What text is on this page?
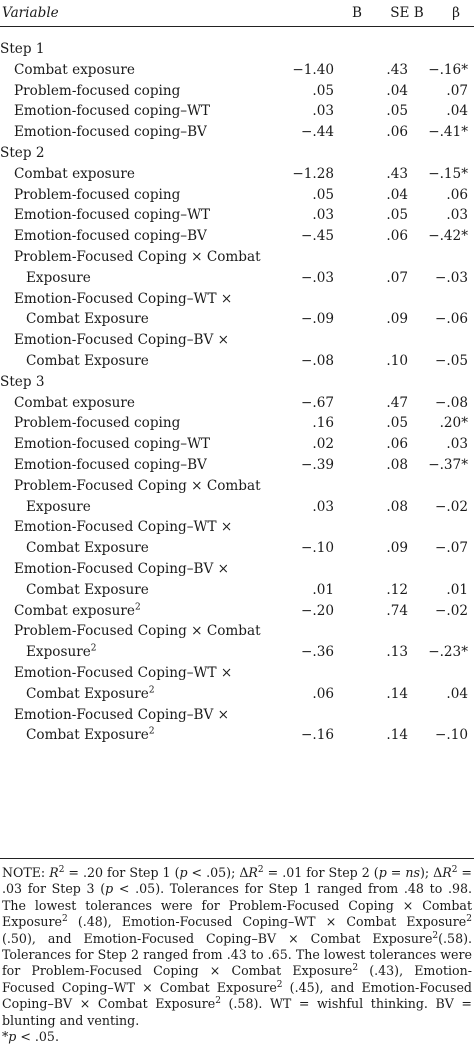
Variable	B	SE B	β
Step 1
Combat exposure	−1.40	.43 −.16*
Problem-focused coping	.05	.04	.07
Emotion-focused coping–WT	.03	.05	.04
Emotion-focused coping–BV	−.44	.06 −.41*
Step 2
Combat exposure	−1.28	.43 −.15*
Problem-focused coping	.05	.04	.06
Emotion-focused coping–WT	.03	.05	.03
Emotion-focused coping–BV	−.45	.06 −.42*
Problem-Focused Coping × Combat
Exposure	−.03	.07 −.03
Emotion-Focused Coping–WT ×
Combat Exposure	−.09	.09 −.06
Emotion-Focused Coping–BV ×
Combat Exposure	−.08	.10 −.05
Step 3
Combat exposure	−.67	.47 −.08
Problem-focused coping	.16	.05 .20*
Emotion-focused coping–WT	.02	.06	.03
Emotion-focused coping–BV	−.39	.08 −.37*
Problem-Focused Coping × Combat
Exposure	.03	.08 −.02
Emotion-Focused Coping–WT ×
Combat Exposure	−.10	.09 −.07
Emotion-Focused Coping–BV ×
Combat Exposure	.01	.12	.01
Combat exposure$^2$	−.20	.74 −.02
Problem-Focused Coping × Combat
Exposure$^2$	−.36	.13 −.23*
Emotion-Focused Coping–WT ×
Combat Exposure$^2$	.06	.14	.04
Emotion-Focused Coping–BV ×
Combat Exposure$^2$	−.16	.14 −.10
NOTE: $R^2 = .20$ for Step 1 (p < .05); $\Delta R^2 = .01$ for Step 2 (p = ns); $\Delta R^2 = .03$ for Step 3 (p < .05). Tolerances for Step 1 ranged from .48 to .98. The lowest tolerances were for Problem-Focused Coping × Combat Exposure$^2$ (.48), Emotion-Focused Coping–WT × Combat Exposure$^2$ (.50), and Emotion-Focused Coping–BV × Combat Exposure$^2$(.58). Tolerances for Step 2 ranged from .43 to .65. The lowest tolerances were for Problem-Focused Coping × Combat Exposure$^2$ (.43), Emotion-Focused Coping–WT × Combat Exposure$^2$ (.45), and Emotion-Focused Coping–BV × Combat Exposure$^2$ (.58). WT = wishful thinking. BV = blunting and venting.
*p < .05.
